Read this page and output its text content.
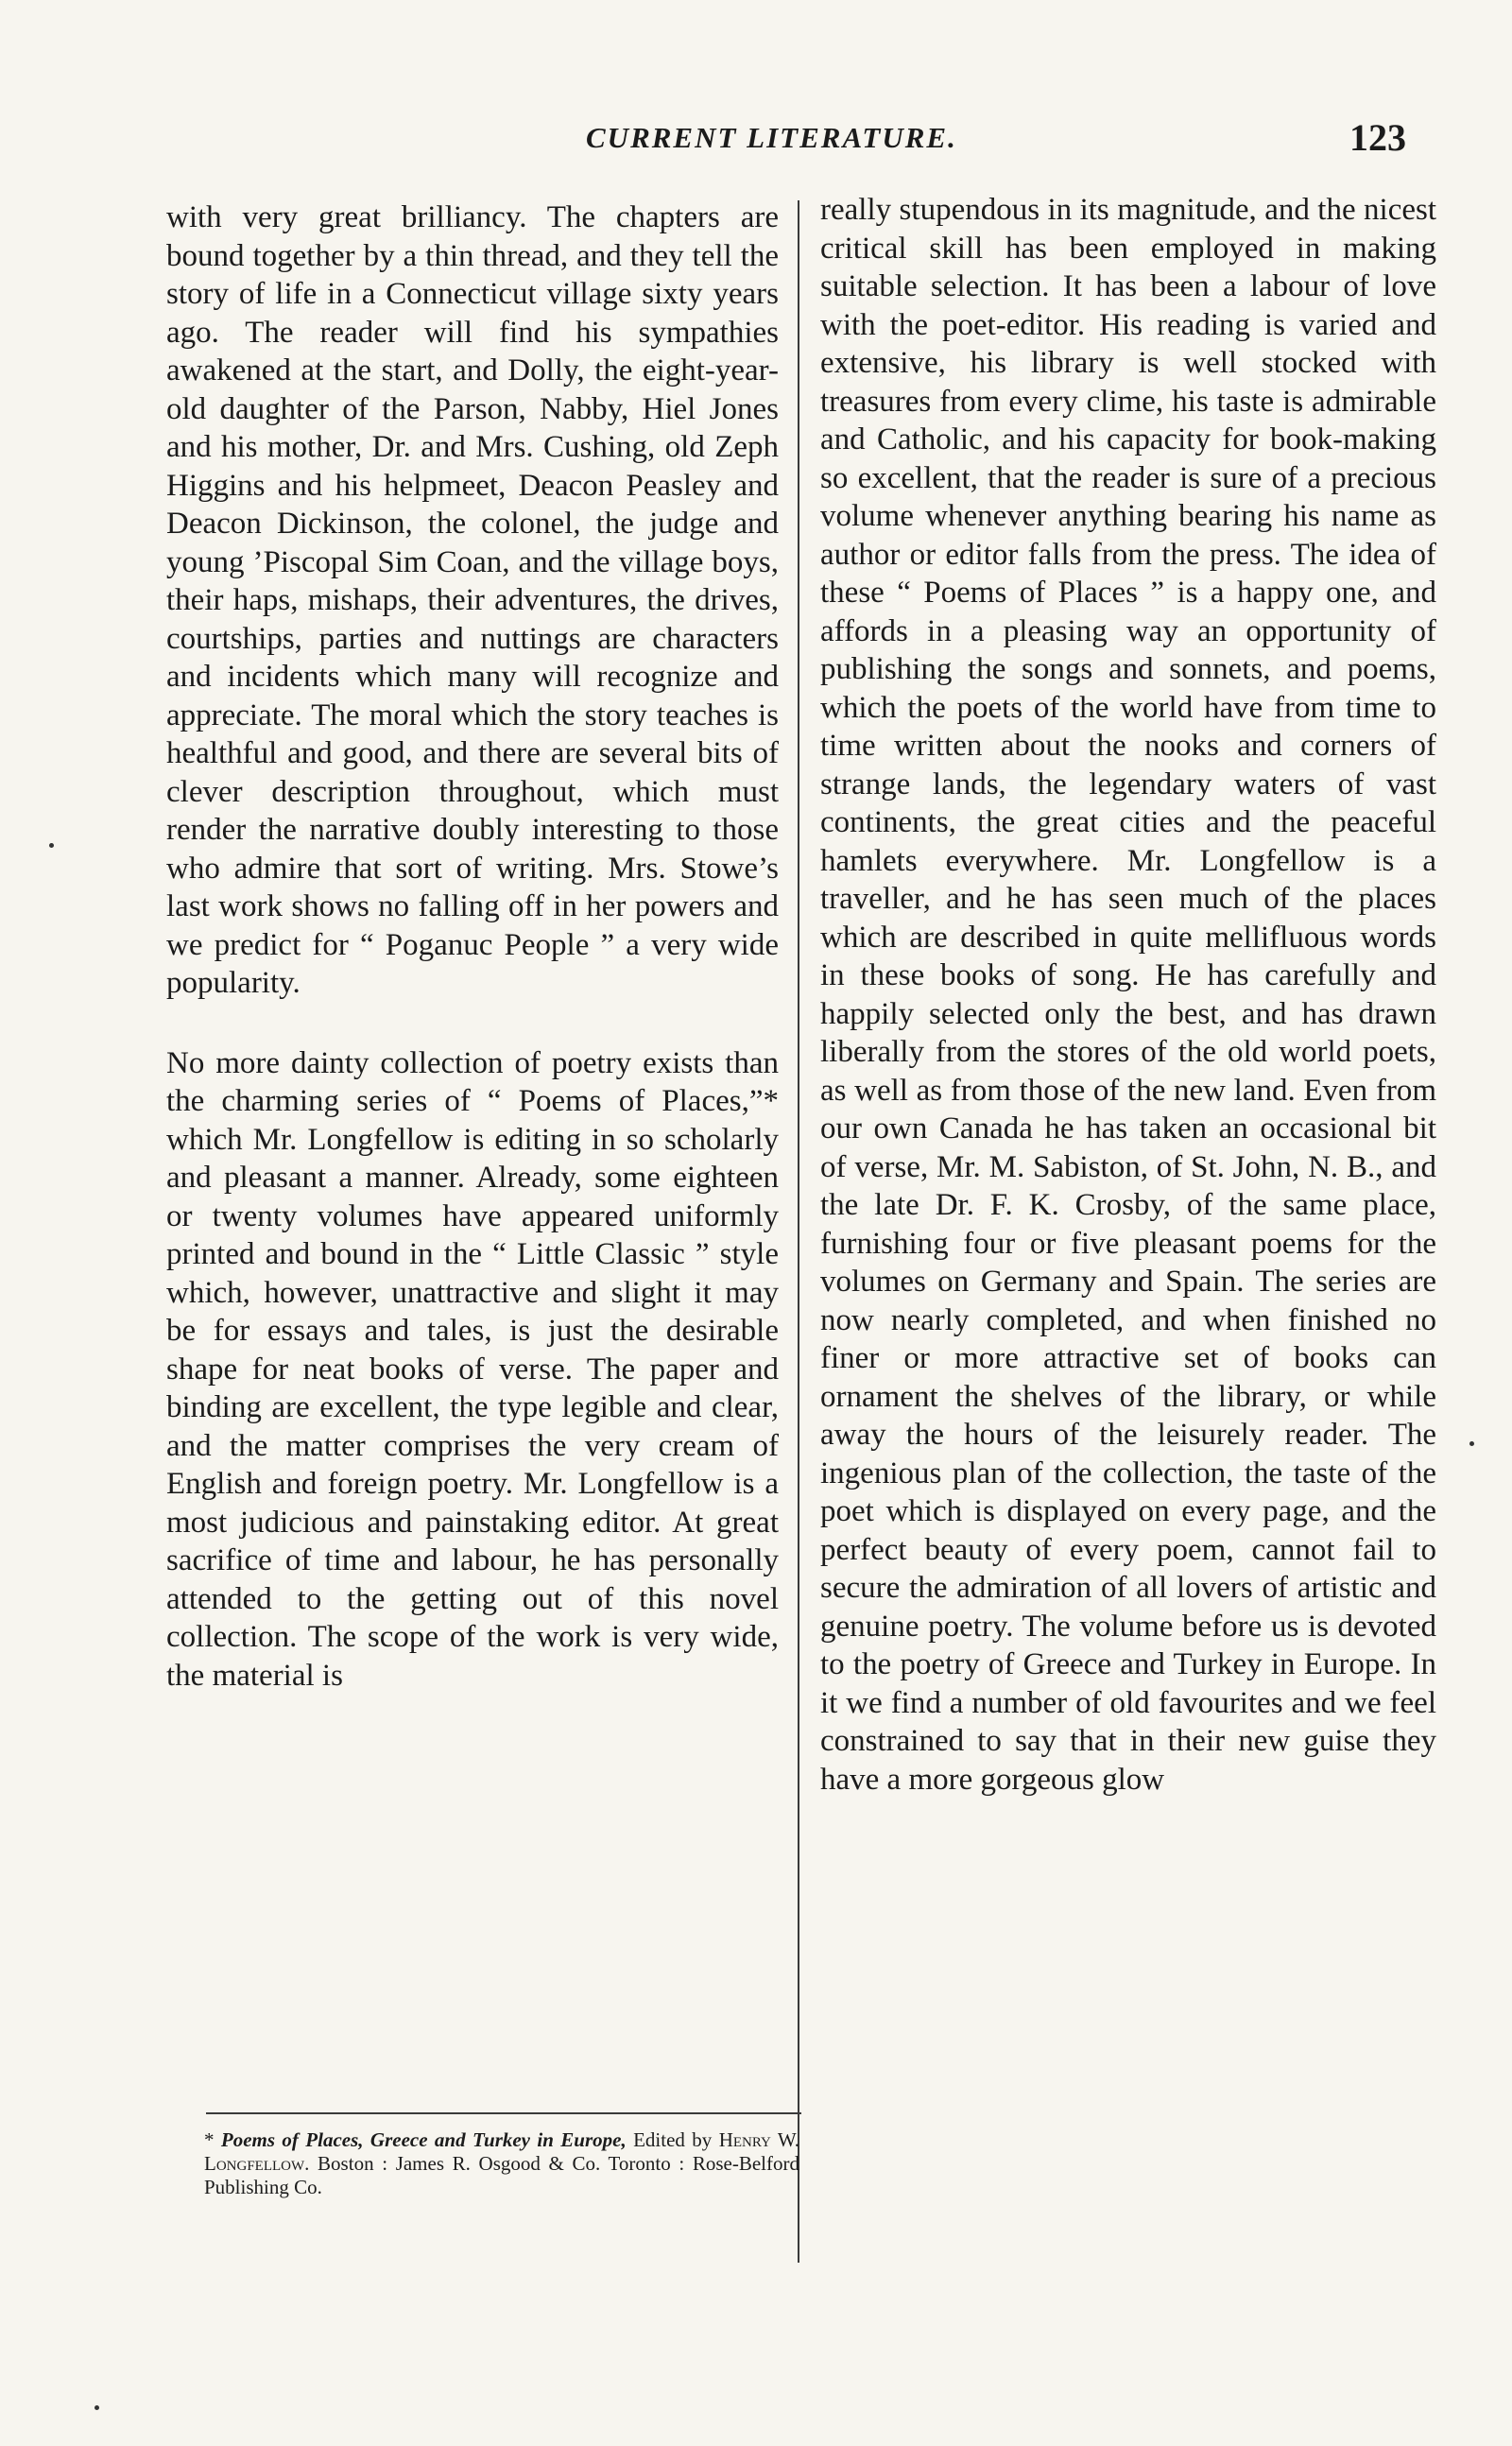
CURRENT LITERATURE.	123

with very great brilliancy. The chapters are bound together by a thin thread, and they tell the story of life in a Connecticut village sixty years ago. The reader will find his sympathies awakened at the start, and Dolly, the eight-year-old daughter of the Parson, Nabby, Hiel Jones and his mother, Dr. and Mrs. Cushing, old Zeph Higgins and his helpmeet, Deacon Peasley and Deacon Dickinson, the colonel, the judge and young ’Piscopal Sim Coan, and the village boys, their haps, mishaps, their adventures, the drives, courtships, parties and nuttings are characters and incidents which many will recognize and appreciate. The moral which the story teaches is healthful and good, and there are several bits of clever description throughout, which must render the narrative doubly interesting to those who admire that sort of writing. Mrs. Stowe’s last work shows no falling off in her powers and we predict for “ Poganuc People ” a very wide popularity.

No more dainty collection of poetry exists than the charming series of “ Poems of Places,”* which Mr. Longfellow is editing in so scholarly and pleasant a manner. Already, some eighteen or twenty volumes have appeared uniformly printed and bound in the “ Little Classic ” style which, however, unattractive and slight it may be for essays and tales, is just the desirable shape for neat books of verse. The paper and binding are excellent, the type legible and clear, and the matter comprises the very cream of English and foreign poetry. Mr. Longfellow is a most judicious and painstaking editor. At great sacrifice of time and labour, he has personally attended to the getting out of this novel collection. The scope of the work is very wide, the material is

really stupendous in its magnitude, and the nicest critical skill has been employed in making suitable selection. It has been a labour of love with the poet-editor. His reading is varied and extensive, his library is well stocked with treasures from every clime, his taste is admirable and Catholic, and his capacity for book-making so excellent, that the reader is sure of a precious volume whenever anything bearing his name as author or editor falls from the press. The idea of these “ Poems of Places ” is a happy one, and affords in a pleasing way an opportunity of publishing the songs and sonnets, and poems, which the poets of the world have from time to time written about the nooks and corners of strange lands, the legendary waters of vast continents, the great cities and the peaceful hamlets everywhere. Mr. Longfellow is a traveller, and he has seen much of the places which are described in quite mellifluous words in these books of song. He has carefully and happily selected only the best, and has drawn liberally from the stores of the old world poets, as well as from those of the new land. Even from our own Canada he has taken an occasional bit of verse, Mr. M. Sabiston, of St. John, N. B., and the late Dr. F. K. Crosby, of the same place, furnishing four or five pleasant poems for the volumes on Germany and Spain. The series are now nearly completed, and when finished no finer or more attractive set of books can ornament the shelves of the library, or while away the hours of the leisurely reader. The ingenious plan of the collection, the taste of the poet which is displayed on every page, and the perfect beauty of every poem, cannot fail to secure the admiration of all lovers of artistic and genuine poetry. The volume before us is devoted to the poetry of Greece and Turkey in Europe. In it we find a number of old favourites and we feel constrained to say that in their new guise they have a more gorgeous glow

* Poems of Places, Greece and Turkey in Europe, Edited by Henry W. Longfellow. Boston : James R. Osgood & Co. Toronto : Rose-Belford Publishing Co.
